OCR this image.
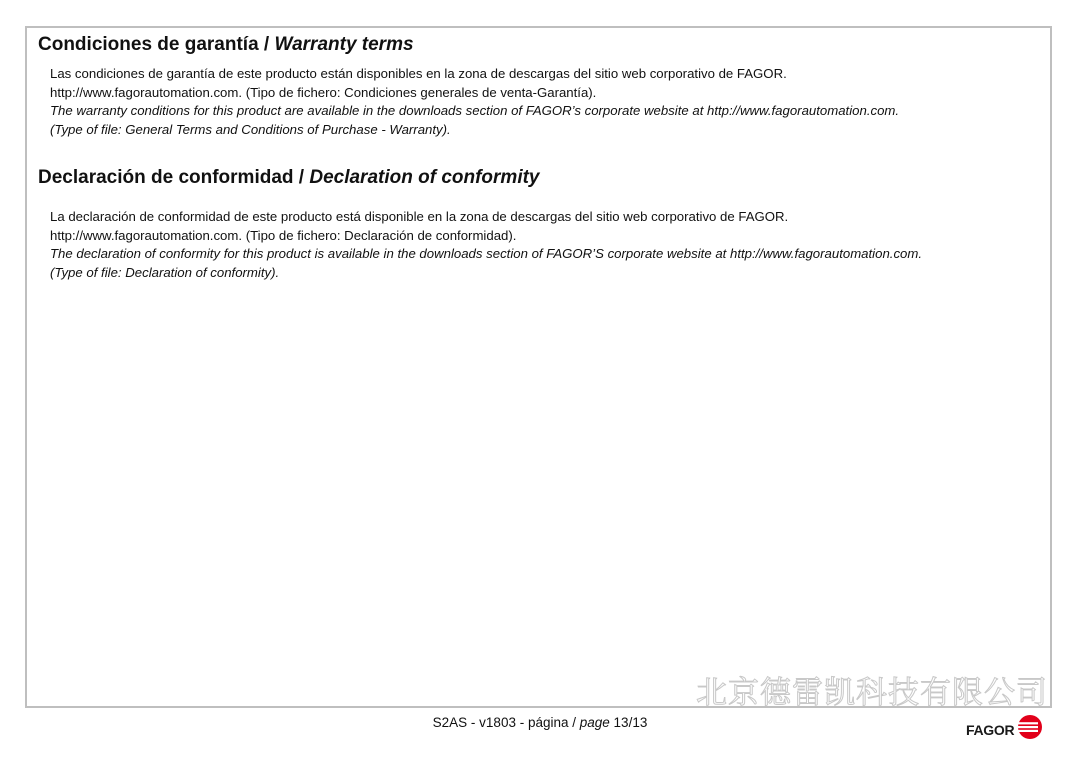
Condiciones de garantía / Warranty terms

Las condiciones de garantía de este producto están disponibles en la zona de descargas del sitio web corporativo de FAGOR.
http://www.fagorautomation.com. (Tipo de fichero: Condiciones generales de venta-Garantía).
The warranty conditions for this product are available in the downloads section of FAGOR’s corporate website at http://www.fagorautomation.com.
(Type of file: General Terms and Conditions of Purchase - Warranty).

Declaración de conformidad / Declaration of conformity

La declaración de conformidad de este producto está disponible en la zona de descargas del sitio web corporativo de FAGOR.
http://www.fagorautomation.com. (Tipo de fichero: Declaración de conformidad).
The declaration of conformity for this product is available in the downloads section of FAGOR’S corporate website at http://www.fagorautomation.com.
(Type of file: Declaration of conformity).

北京德雷凯科技有限公司
S2AS - v1803 - página / page 13/13	FAGOR
